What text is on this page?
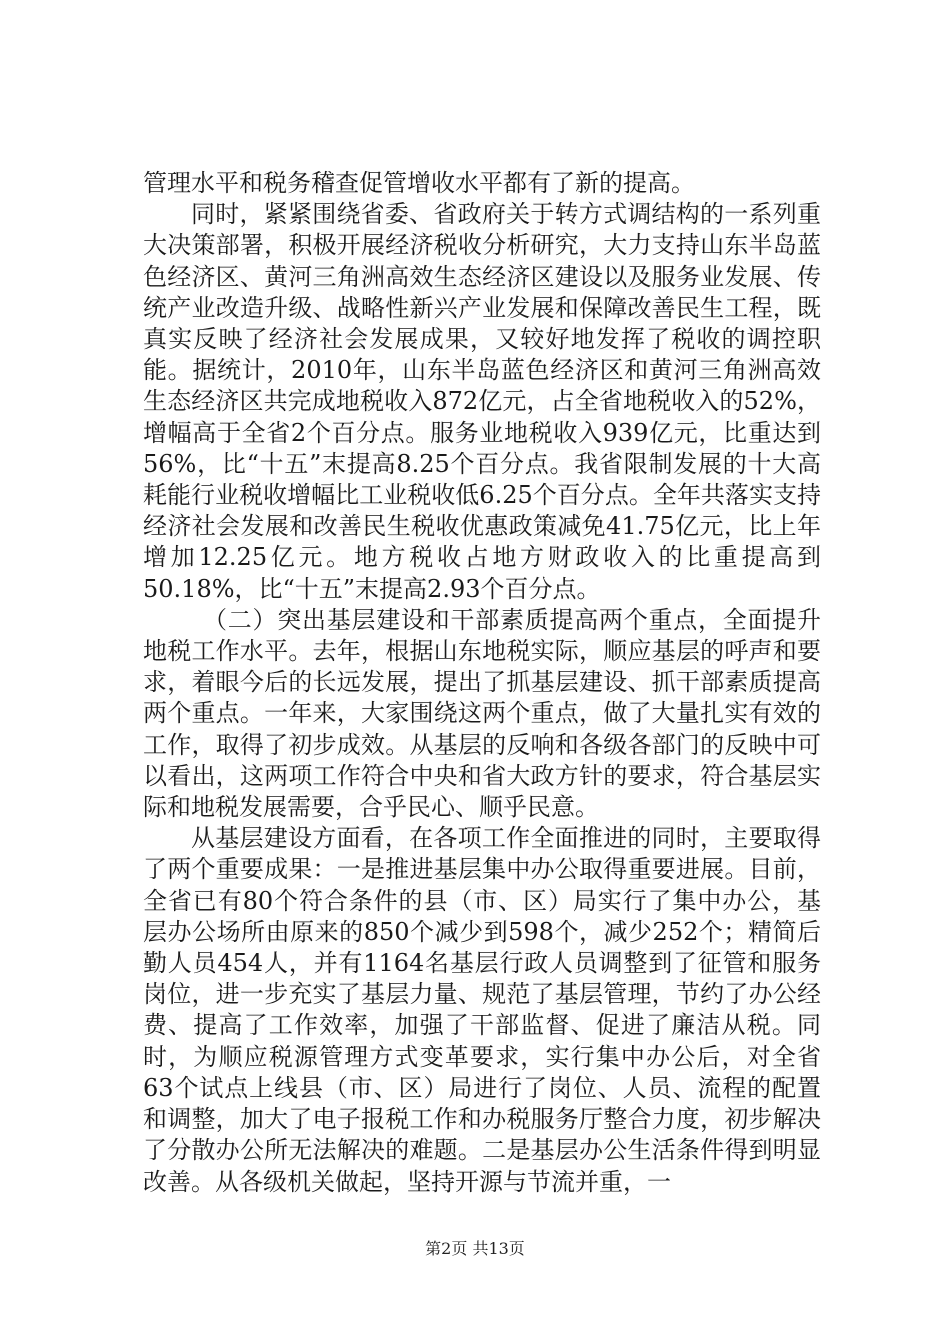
管理水平和税务稽查促管增收水平都有了新的提高。

同时，紧紧围绕省委、省政府关于转方式调结构的一系列重大决策部署，积极开展经济税收分析研究，大力支持山东半岛蓝色经济区、黄河三角洲高效生态经济区建设以及服务业发展、传统产业改造升级、战略性新兴产业发展和保障改善民生工程，既真实反映了经济社会发展成果，又较好地发挥了税收的调控职能。据统计，2010年，山东半岛蓝色经济区和黄河三角洲高效生态经济区共完成地税收入872亿元，占全省地税收入的52%，增幅高于全省2个百分点。服务业地税收入939亿元，比重达到56%，比“十五”末提高8.25个百分点。我省限制发展的十大高耗能行业税收增幅比工业税收低6.25个百分点。全年共落实支持经济社会发展和改善民生税收优惠政策减免41.75亿元，比上年增加12.25亿元。地方税收占地方财政收入的比重提高到50.18%，比“十五”末提高2.93个百分点。

（二）突出基层建设和干部素质提高两个重点，全面提升地税工作水平。去年，根据山东地税实际，顺应基层的呼声和要求，着眼今后的长远发展，提出了抓基层建设、抓干部素质提高两个重点。一年来，大家围绕这两个重点，做了大量扎实有效的工作，取得了初步成效。从基层的反响和各级各部门的反映中可以看出，这两项工作符合中央和省大政方针的要求，符合基层实际和地税发展需要，合乎民心、顺乎民意。

从基层建设方面看，在各项工作全面推进的同时，主要取得了两个重要成果：一是推进基层集中办公取得重要进展。目前，全省已有80个符合条件的县（市、区）局实行了集中办公，基层办公场所由原来的850个减少到598个，减少252个；精简后勤人员454人，并有1164名基层行政人员调整到了征管和服务岗位，进一步充实了基层力量、规范了基层管理，节约了办公经费、提高了工作效率，加强了干部监督、促进了廉洁从税。同时，为顺应税源管理方式变革要求，实行集中办公后，对全省63个试点上线县（市、区）局进行了岗位、人员、流程的配置和调整，加大了电子报税工作和办税服务厅整合力度，初步解决了分散办公所无法解决的难题。二是基层办公生活条件得到明显改善。从各级机关做起，坚持开源与节流并重，一

第2页 共13页
